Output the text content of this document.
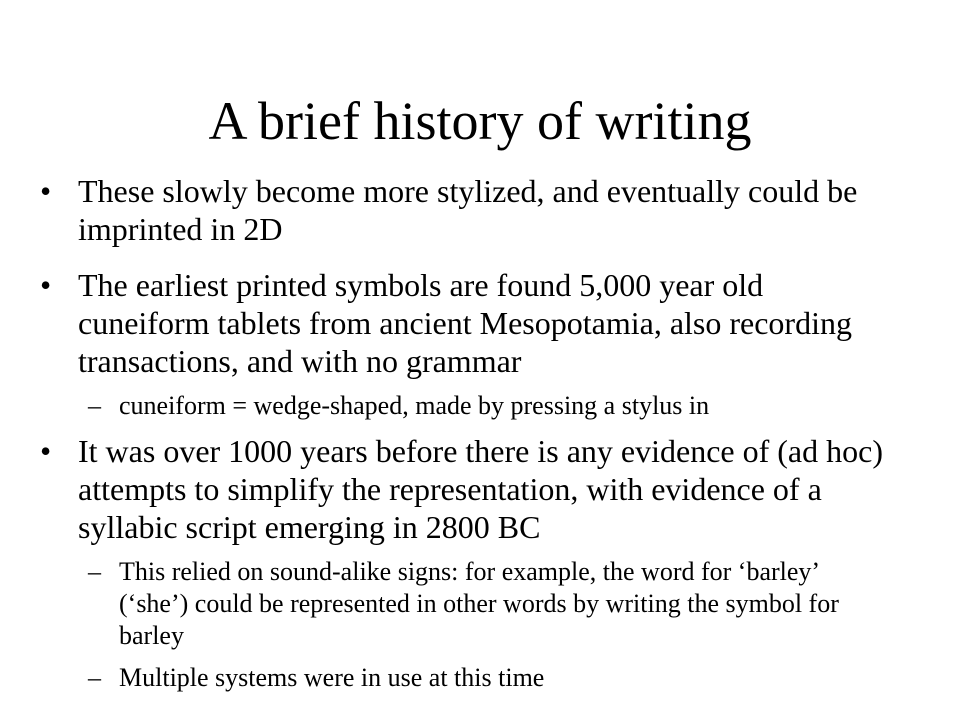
A brief history of writing

• These slowly become more stylized, and eventually could be imprinted in 2D

• The earliest printed symbols are found 5,000 year old cuneiform tablets from ancient Mesopotamia, also recording transactions, and with no grammar

– cuneiform = wedge-shaped, made by pressing a stylus in

• It was over 1000 years before there is any evidence of (ad hoc) attempts to simplify the representation, with evidence of a syllabic script emerging in 2800 BC

– This relied on sound-alike signs: for example, the word for ‘barley’ (‘she’) could be represented in other words by writing the symbol for barley

– Multiple systems were in use at this time
